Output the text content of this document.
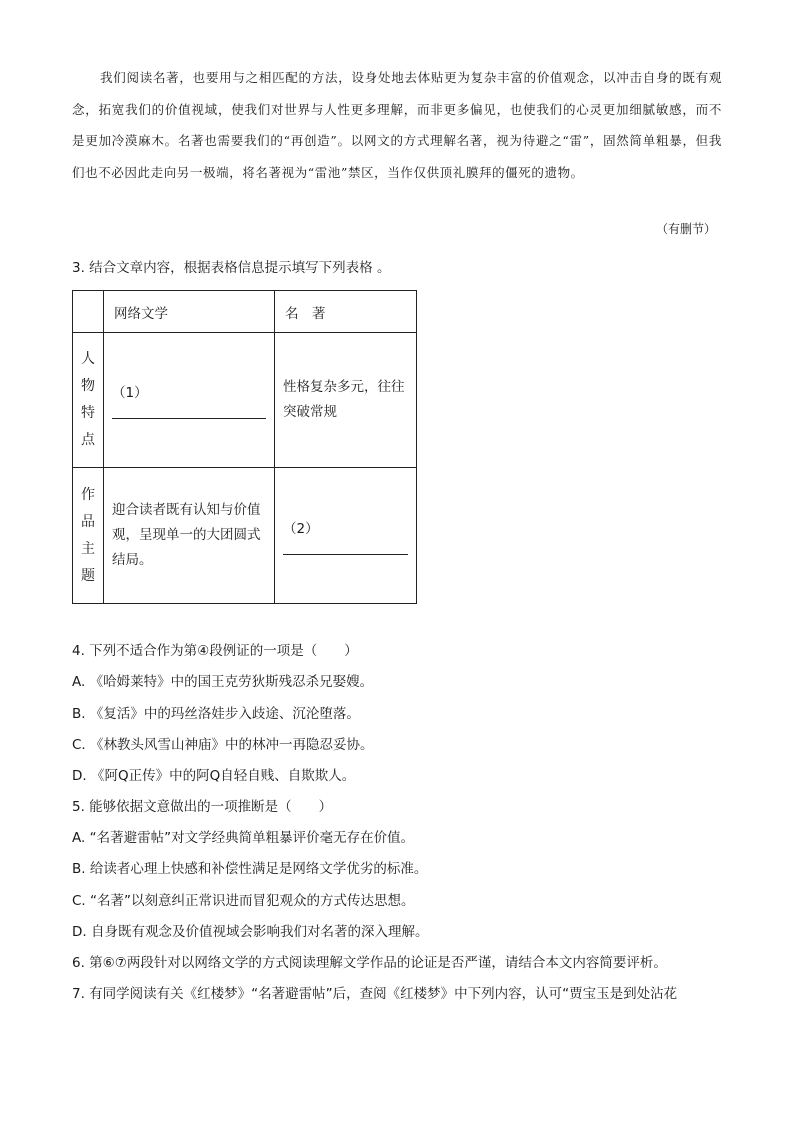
我们阅读名著，也要用与之相匹配的方法，设身处地去体贴更为复杂丰富的价值观念，以冲击自身的既有观念，拓宽我们的价值视域，使我们对世界与人性更多理解，而非更多偏见，也使我们的心灵更加细腻敏感，而不是更加冷漠麻木。名著也需要我们的“再创造”。以网文的方式理解名著，视为待避之“雷”，固然简单粗暴，但我们也不必因此走向另一极端，将名著视为“雷池”禁区，当作仅供顶礼膜拜的僵死的遗物。

（有删节）
3. 结合文章内容，根据表格信息提示填写下列表格 。

	网络文学	名　著

人
物
特
点	（1）	性格复杂多元，往往突破常规

作
品
主
题	迎合读者既有认知与价值观，呈现单一的大团圆式结局。	（2）
4. 下列不适合作为第④段例证的一项是（　　）
A. 《哈姆莱特》中的国王克劳狄斯残忍杀兄娶嫂。
B. 《复活》中的玛丝洛娃步入歧途、沉沦堕落。
C. 《林教头风雪山神庙》中的林冲一再隐忍妥协。
D. 《阿Q正传》中的阿Q自轻自贱、自欺欺人。
5. 能够依据文意做出的一项推断是（　　）
A. “名著避雷帖”对文学经典简单粗暴评价毫无存在价值。
B. 给读者心理上快感和补偿性满足是网络文学优劣的标准。
C. “名著”以刻意纠正常识进而冒犯观众的方式传达思想。
D. 自身既有观念及价值视域会影响我们对名著的深入理解。
6. 第⑥⑦两段针对以网络文学的方式阅读理解文学作品的论证是否严谨，请结合本文内容简要评析。
7. 有同学阅读有关《红楼梦》“名著避雷帖”后，查阅《红楼梦》中下列内容，认可“贾宝玉是到处沾花
